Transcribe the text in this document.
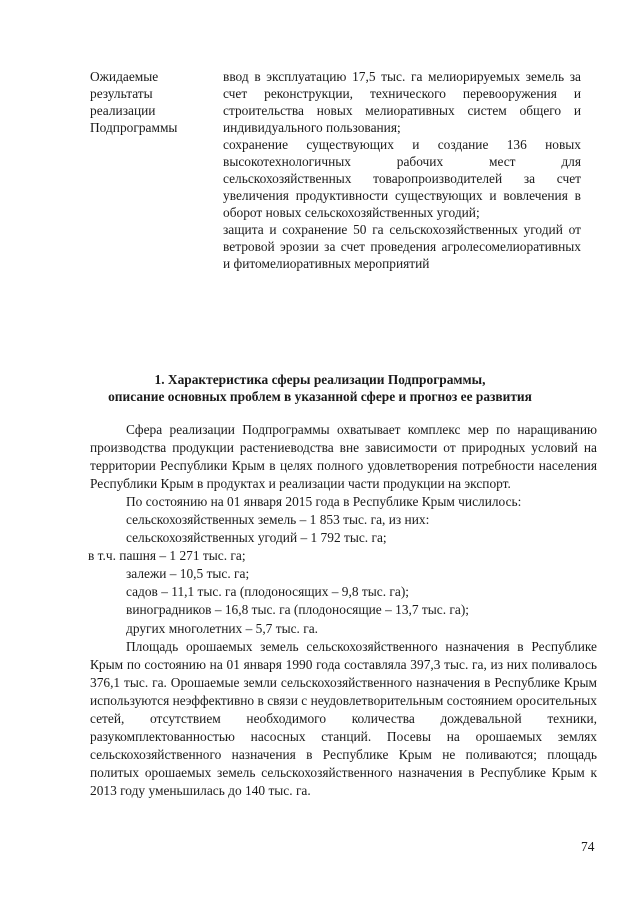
Ожидаемые
результаты
реализации
Подпрограммы

ввод в эксплуатацию 17,5 тыс. га мелиорируемых земель за счет реконструкции, технического перевооружения и строительства новых мелиоративных систем общего и индивидуального пользования;

сохранение существующих и создание 136 новых высокотехнологичных рабочих мест для сельскохозяйственных товаропроизводителей за счет увеличения продуктивности существующих и вовлечения в оборот новых сельскохозяйственных угодий;

защита и сохранение 50 га сельскохозяйственных угодий от ветровой эрозии за счет проведения агролесомелиоративных и фитомелиоративных мероприятий

1. Характеристика сферы реализации Подпрограммы,
описание основных проблем в указанной сфере и прогноз ее развития

Сфера реализации Подпрограммы охватывает комплекс мер по наращиванию производства продукции растениеводства вне зависимости от природных условий на территории Республики Крым в целях полного удовлетворения потребности населения Республики Крым в продуктах и реализации части продукции на экспорт.

По состоянию на 01 января 2015 года в Республике Крым числилось:
сельскохозяйственных земель – 1 853 тыс. га, из них:
сельскохозяйственных угодий – 1 792 тыс. га;
в т.ч. пашня – 1 271 тыс. га;
залежи – 10,5 тыс. га;
садов – 11,1 тыс. га (плодоносящих – 9,8 тыс. га);
виноградников – 16,8 тыс. га (плодоносящие – 13,7 тыс. га);
других многолетних – 5,7 тыс. га.

Площадь орошаемых земель сельскохозяйственного назначения в Республике Крым по состоянию на 01 января 1990 года составляла 397,3 тыс. га, из них поливалось 376,1 тыс. га. Орошаемые земли сельскохозяйственного назначения в Республике Крым используются неэффективно в связи с неудовлетворительным состоянием оросительных сетей, отсутствием необходимого количества дождевальной техники, разукомплектованностью насосных станций. Посевы на орошаемых землях сельскохозяйственного назначения в Республике Крым не поливаются; площадь политых орошаемых земель сельскохозяйственного назначения в Республике Крым к 2013 году уменьшилась до 140 тыс. га.

74
